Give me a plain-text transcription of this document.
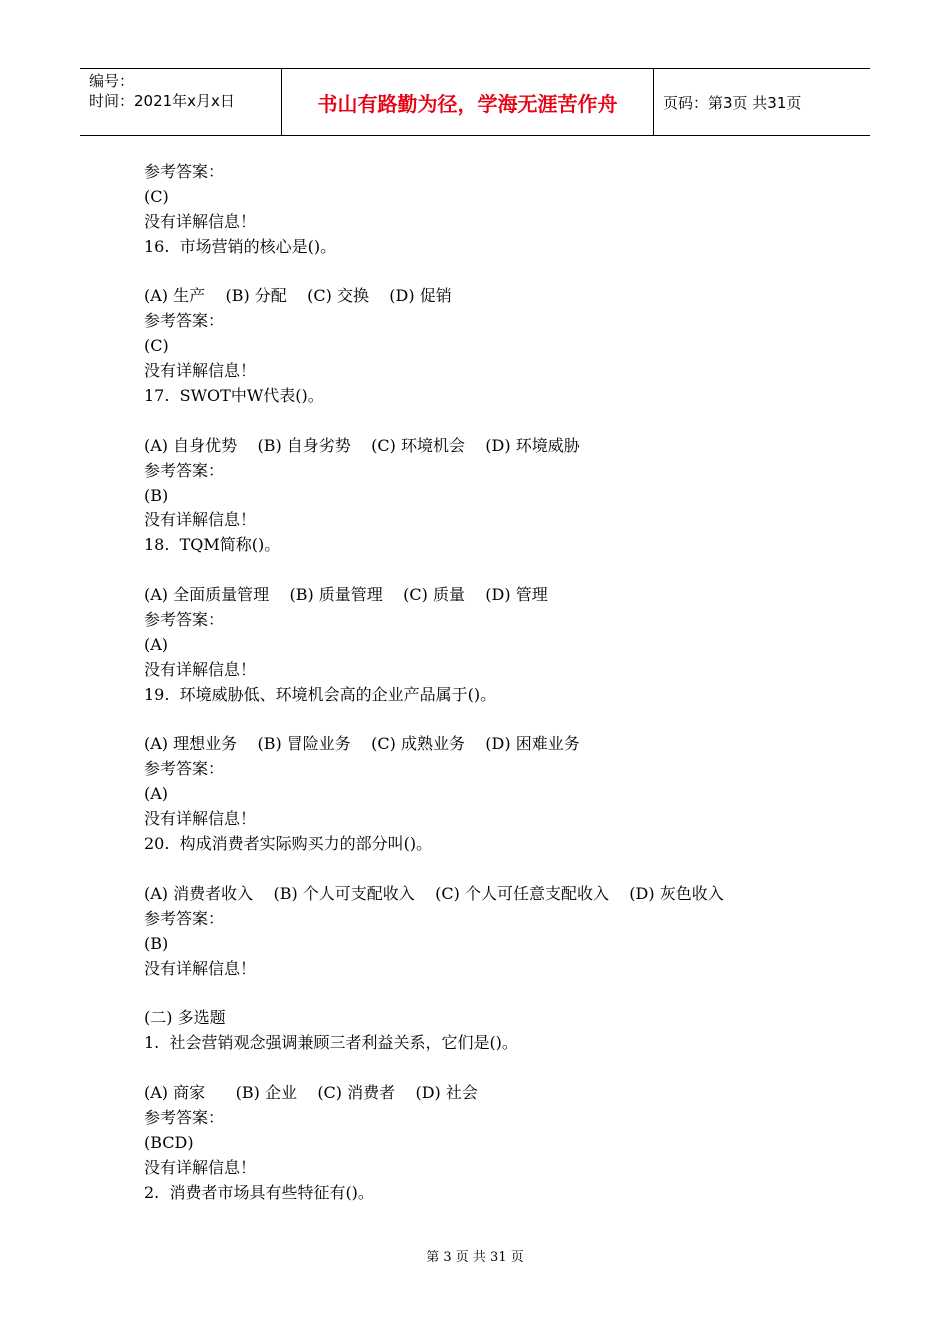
编号：
时间：2021年x月x日	书山有路勤为径，学海无涯苦作舟	页码：第3页 共31页
参考答案：
(C)
没有详解信息！
16.  市场营销的核心是()。
(A) 生产    (B) 分配    (C) 交换    (D) 促销
参考答案：
(C)
没有详解信息！
17.  SWOT中W代表()。
(A) 自身优势    (B) 自身劣势    (C) 环境机会    (D) 环境威胁
参考答案：
(B)
没有详解信息！
18.  TQM简称()。
(A) 全面质量管理    (B) 质量管理    (C) 质量    (D) 管理
参考答案：
(A)
没有详解信息！
19.  环境威胁低、环境机会高的企业产品属于()。
(A) 理想业务    (B) 冒险业务    (C) 成熟业务    (D) 困难业务
参考答案：
(A)
没有详解信息！
20.  构成消费者实际购买力的部分叫()。
(A) 消费者收入    (B) 个人可支配收入    (C) 个人可任意支配收入    (D) 灰色收入
参考答案：
(B)
没有详解信息！
(二) 多选题
1.  社会营销观念强调兼顾三者利益关系，它们是()。
(A) 商家      (B) 企业    (C) 消费者    (D) 社会
参考答案：
(BCD)
没有详解信息！
2.  消费者市场具有些特征有()。
第 3 页 共 31 页
